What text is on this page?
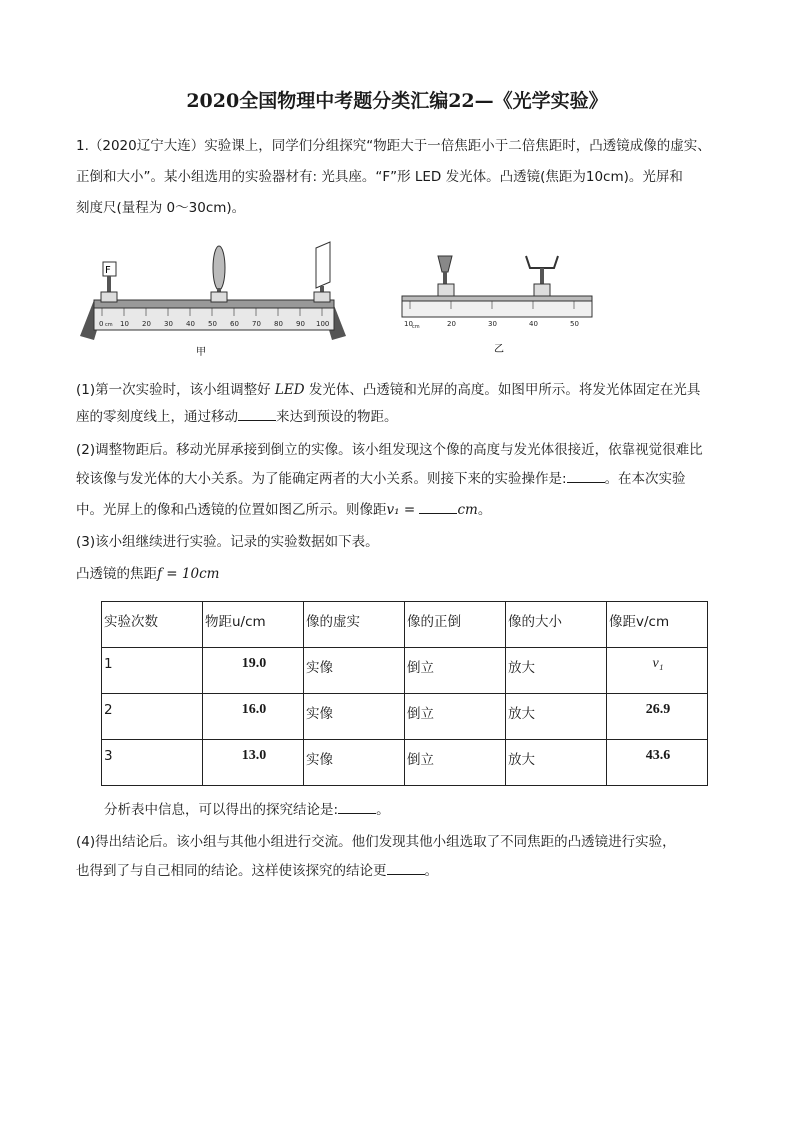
2020全国物理中考题分类汇编22—《光学实验》
1.（2020辽宁大连）实验课上，同学们分组探究“物距大于一倍焦距小于二倍焦距时，凸透镜成像的虚实、
正倒和大小”。某小组选用的实验器材有: 光具座。“F”形 LED 发光体。凸透镜(焦距为10cm)。光屏和
刻度尺(量程为 0～30cm)。
0 cm 10 20 30 40 50 60 70 80 90 100
F
甲
10 cm	20	30	40	50
乙
(1)第一次实验时，该小组调整好 LED 发光体、凸透镜和光屏的高度。如图甲所示。将发光体固定在光具
座的零刻度线上，通过移动	来达到预设的物距。
(2)调整物距后。移动光屏承接到倒立的实像。该小组发现这个像的高度与发光体很接近，依靠视觉很难比
较该像与发光体的大小关系。为了能确定两者的大小关系。则接下来的实验操作是:	。在本次实验
中。光屏上的像和凸透镜的位置如图乙所示。则像距v₁ =	cm。
(3)该小组继续进行实验。记录的实验数据如下表。
凸透镜的焦距f = 10cm
实验次数	物距u/cm	像的虚实	像的正倒	像的大小	像距v/cm
1	19.0	实像	倒立	放大	v₁
2	16.0	实像	倒立	放大	26.9
3	13.0	实像	倒立	放大	43.6
分析表中信息，可以得出的探究结论是:	。
(4)得出结论后。该小组与其他小组进行交流。他们发现其他小组选取了不同焦距的凸透镜进行实验，
也得到了与自己相同的结论。这样使该探究的结论更	。
